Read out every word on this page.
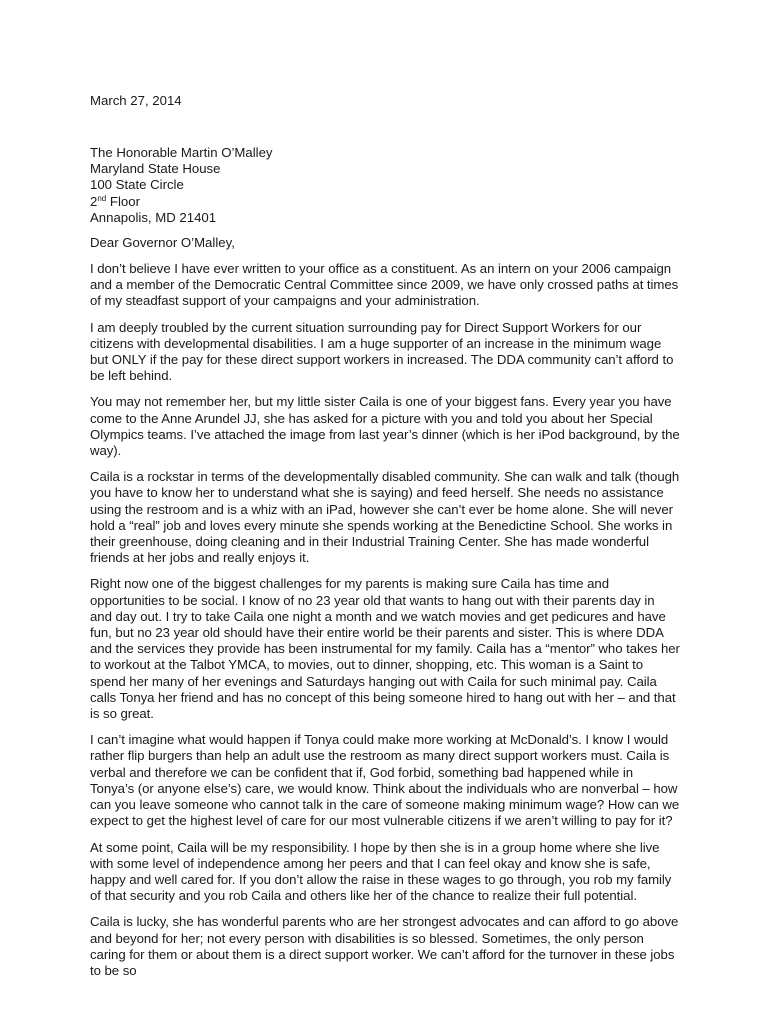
March 27, 2014

The Honorable Martin O’Malley
Maryland State House
100 State Circle
2nd Floor
Annapolis, MD 21401

Dear Governor O’Malley,

I don’t believe I have ever written to your office as a constituent. As an intern on your 2006 campaign and a member of the Democratic Central Committee since 2009, we have only crossed paths at times of my steadfast support of your campaigns and your administration.

I am deeply troubled by the current situation surrounding pay for Direct Support Workers for our citizens with developmental disabilities. I am a huge supporter of an increase in the minimum wage but ONLY if the pay for these direct support workers in increased. The DDA community can’t afford to be left behind.

You may not remember her, but my little sister Caila is one of your biggest fans. Every year you have come to the Anne Arundel JJ, she has asked for a picture with you and told you about her Special Olympics teams. I’ve attached the image from last year’s dinner (which is her iPod background, by the way).

Caila is a rockstar in terms of the developmentally disabled community. She can walk and talk (though you have to know her to understand what she is saying) and feed herself. She needs no assistance using the restroom and is a whiz with an iPad, however she can’t ever be home alone. She will never hold a “real” job and loves every minute she spends working at the Benedictine School. She works in their greenhouse, doing cleaning and in their Industrial Training Center. She has made wonderful friends at her jobs and really enjoys it.

Right now one of the biggest challenges for my parents is making sure Caila has time and opportunities to be social. I know of no 23 year old that wants to hang out with their parents day in and day out. I try to take Caila one night a month and we watch movies and get pedicures and have fun, but no 23 year old should have their entire world be their parents and sister. This is where DDA and the services they provide has been instrumental for my family. Caila has a “mentor” who takes her to workout at the Talbot YMCA, to movies, out to dinner, shopping, etc. This woman is a Saint to spend her many of her evenings and Saturdays hanging out with Caila for such minimal pay. Caila calls Tonya her friend and has no concept of this being someone hired to hang out with her – and that is so great.

I can’t imagine what would happen if Tonya could make more working at McDonald’s. I know I would rather flip burgers than help an adult use the restroom as many direct support workers must. Caila is verbal and therefore we can be confident that if, God forbid, something bad happened while in Tonya’s (or anyone else’s) care, we would know. Think about the individuals who are nonverbal – how can you leave someone who cannot talk in the care of someone making minimum wage? How can we expect to get the highest level of care for our most vulnerable citizens if we aren’t willing to pay for it?

At some point, Caila will be my responsibility. I hope by then she is in a group home where she live with some level of independence among her peers and that I can feel okay and know she is safe, happy and well cared for. If you don’t allow the raise in these wages to go through, you rob my family of that security and you rob Caila and others like her of the chance to realize their full potential.

Caila is lucky, she has wonderful parents who are her strongest advocates and can afford to go above and beyond for her; not every person with disabilities is so blessed. Sometimes, the only person caring for them or about them is a direct support worker. We can’t afford for the turnover in these jobs to be so
